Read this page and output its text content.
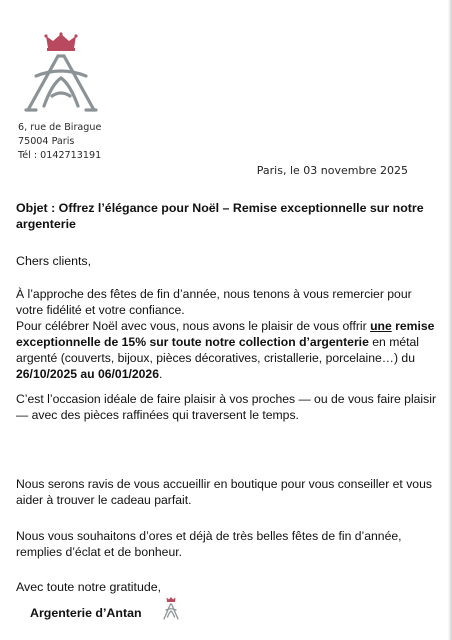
6, rue de Birague
75004 Paris
Tél : 0142713191
Paris, le 03 novembre 2025
Objet : Offrez l’élégance pour Noël – Remise exceptionnelle sur notre argenterie
Chers clients,
À l’approche des fêtes de fin d’année, nous tenons à vous remercier pour votre fidélité et votre confiance.
Pour célébrer Noël avec vous, nous avons le plaisir de vous offrir une remise exceptionnelle de 15% sur toute notre collection d’argenterie en métal argenté (couverts, bijoux, pièces décoratives, cristallerie, porcelaine…) du 26/10/2025 au 06/01/2026.
C’est l’occasion idéale de faire plaisir à vos proches — ou de vous faire plaisir — avec des pièces raffinées qui traversent le temps.
Nous serons ravis de vous accueillir en boutique pour vous conseiller et vous aider à trouver le cadeau parfait.
Nous vous souhaitons d’ores et déjà de très belles fêtes de fin d’année, remplies d’éclat et de bonheur.
Avec toute notre gratitude,
Argenterie d’Antan
